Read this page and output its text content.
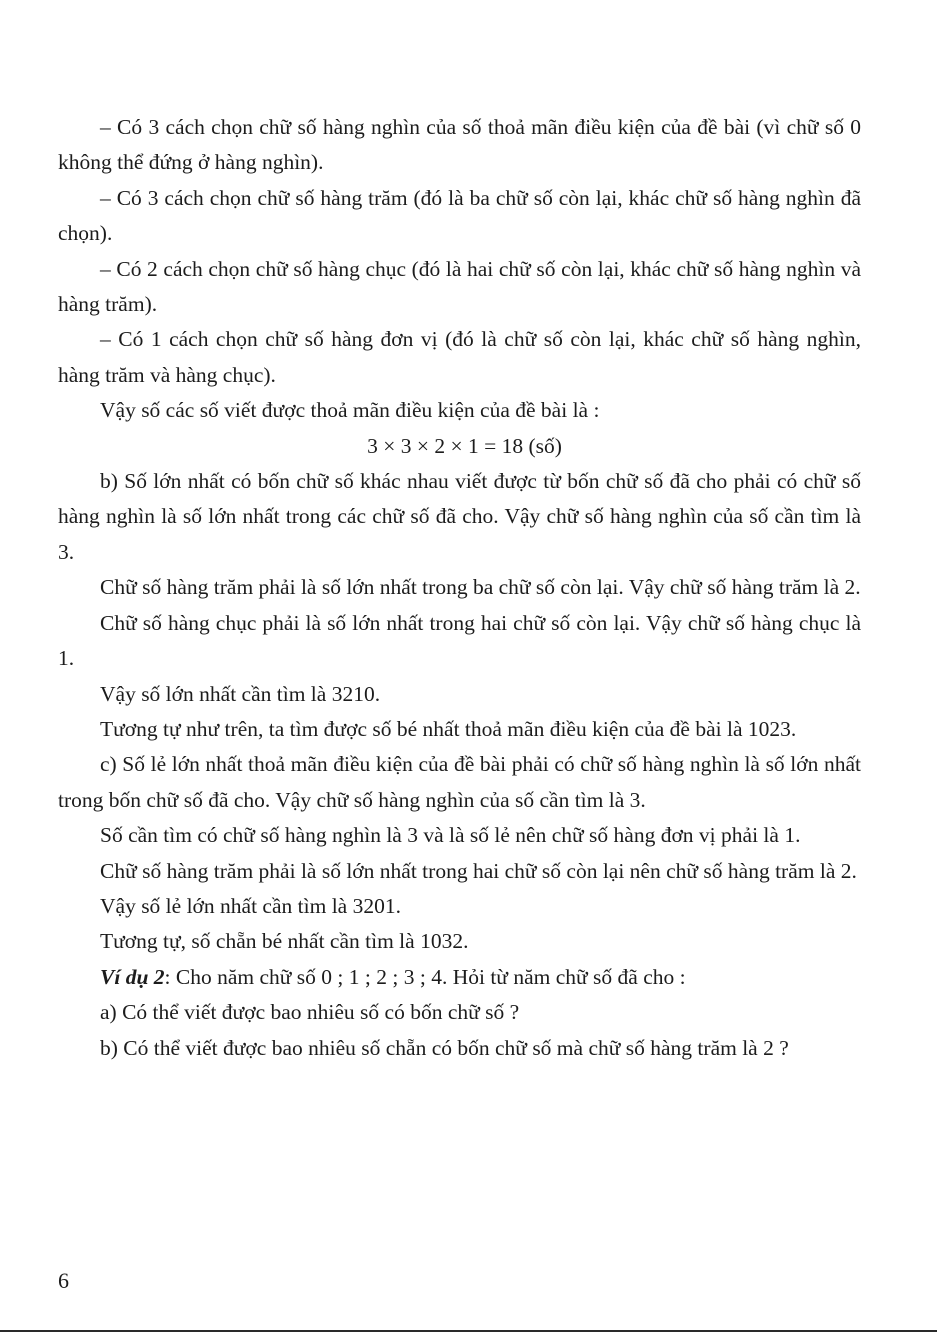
– Có 3 cách chọn chữ số hàng nghìn của số thoả mãn điều kiện của đề bài (vì chữ số 0 không thể đứng ở hàng nghìn).

– Có 3 cách chọn chữ số hàng trăm (đó là ba chữ số còn lại, khác chữ số hàng nghìn đã chọn).

– Có 2 cách chọn chữ số hàng chục (đó là hai chữ số còn lại, khác chữ số hàng nghìn và hàng trăm).

– Có 1 cách chọn chữ số hàng đơn vị (đó là chữ số còn lại, khác chữ số hàng nghìn, hàng trăm và hàng chục).

Vậy số các số viết được thoả mãn điều kiện của đề bài là :

3 × 3 × 2 × 1 = 18 (số)

b) Số lớn nhất có bốn chữ số khác nhau viết được từ bốn chữ số đã cho phải có chữ số hàng nghìn là số lớn nhất trong các chữ số đã cho. Vậy chữ số hàng nghìn của số cần tìm là 3.

Chữ số hàng trăm phải là số lớn nhất trong ba chữ số còn lại. Vậy chữ số hàng trăm là 2.

Chữ số hàng chục phải là số lớn nhất trong hai chữ số còn lại. Vậy chữ số hàng chục là 1.

Vậy số lớn nhất cần tìm là 3210.

Tương tự như trên, ta tìm được số bé nhất thoả mãn điều kiện của đề bài là 1023.

c) Số lẻ lớn nhất thoả mãn điều kiện của đề bài phải có chữ số hàng nghìn là số lớn nhất trong bốn chữ số đã cho. Vậy chữ số hàng nghìn của số cần tìm là 3.

Số cần tìm có chữ số hàng nghìn là 3 và là số lẻ nên chữ số hàng đơn vị phải là 1.

Chữ số hàng trăm phải là số lớn nhất trong hai chữ số còn lại nên chữ số hàng trăm là 2.

Vậy số lẻ lớn nhất cần tìm là 3201.

Tương tự, số chẵn bé nhất cần tìm là 1032.

Ví dụ 2: Cho năm chữ số 0 ; 1 ; 2 ; 3 ; 4. Hỏi từ năm chữ số đã cho :

a) Có thể viết được bao nhiêu số có bốn chữ số ?

b) Có thể viết được bao nhiêu số chẵn có bốn chữ số mà chữ số hàng trăm là 2 ?

6
